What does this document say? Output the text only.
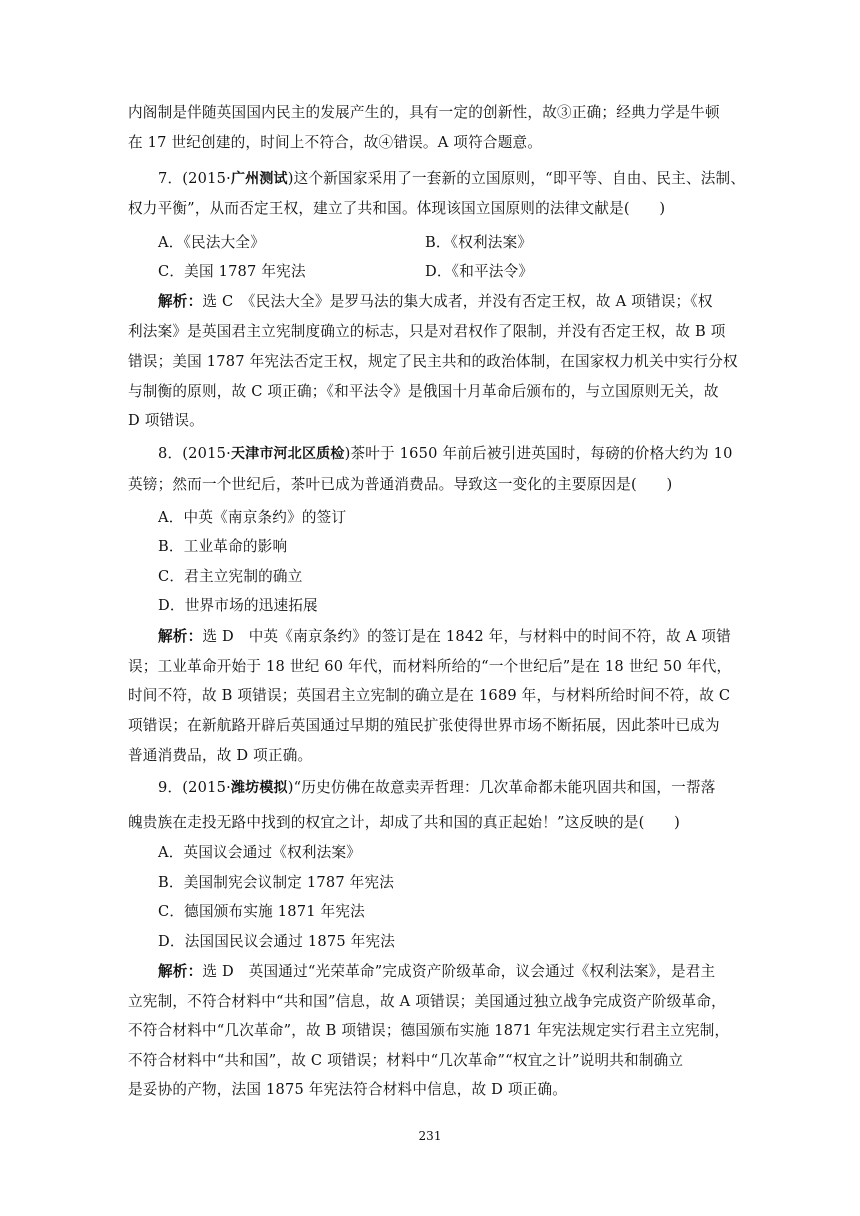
内阁制是伴随英国国内民主的发展产生的，具有一定的创新性，故③正确；经典力学是牛顿
在 17 世纪创建的，时间上不符合，故④错误。A 项符合题意。
7．(2015·广州测试)这个新国家采用了一套新的立国原则，“即平等、自由、民主、法制、
权力平衡”，从而否定王权，建立了共和国。体现该国立国原则的法律文献是(　　)
A．《民法大全》	B．《权利法案》
C．美国 1787 年宪法	D．《和平法令》
解析：选 C　《民法大全》是罗马法的集大成者，并没有否定王权，故 A 项错误；《权
利法案》是英国君主立宪制度确立的标志，只是对君权作了限制，并没有否定王权，故 B 项
错误；美国 1787 年宪法否定王权，规定了民主共和的政治体制，在国家权力机关中实行分权
与制衡的原则，故 C 项正确；《和平法令》是俄国十月革命后颁布的，与立国原则无关，故
D 项错误。
8．(2015·天津市河北区质检)茶叶于 1650 年前后被引进英国时，每磅的价格大约为 10
英镑；然而一个世纪后，茶叶已成为普通消费品。导致这一变化的主要原因是(　　)
A．中英《南京条约》的签订
B．工业革命的影响
C．君主立宪制的确立
D．世界市场的迅速拓展
解析：选 D　中英《南京条约》的签订是在 1842 年，与材料中的时间不符，故 A 项错
误；工业革命开始于 18 世纪 60 年代，而材料所给的“一个世纪后”是在 18 世纪 50 年代，
时间不符，故 B 项错误；英国君主立宪制的确立是在 1689 年，与材料所给时间不符，故 C
项错误；在新航路开辟后英国通过早期的殖民扩张使得世界市场不断拓展，因此茶叶已成为
普通消费品，故 D 项正确。
9．(2015·潍坊模拟)“历史仿佛在故意卖弄哲理：几次革命都未能巩固共和国，一帮落
魄贵族在走投无路中找到的权宜之计，却成了共和国的真正起始！”这反映的是(　　)
A．英国议会通过《权利法案》
B．美国制宪会议制定 1787 年宪法
C．德国颁布实施 1871 年宪法
D．法国国民议会通过 1875 年宪法
解析：选 D　英国通过“光荣革命”完成资产阶级革命，议会通过《权利法案》，是君主
立宪制，不符合材料中“共和国”信息，故 A 项错误；美国通过独立战争完成资产阶级革命，
不符合材料中“几次革命”，故 B 项错误；德国颁布实施 1871 年宪法规定实行君主立宪制，
不符合材料中“共和国”，故 C 项错误；材料中“几次革命”“权宜之计”说明共和制确立
是妥协的产物，法国 1875 年宪法符合材料中信息，故 D 项正确。
231
